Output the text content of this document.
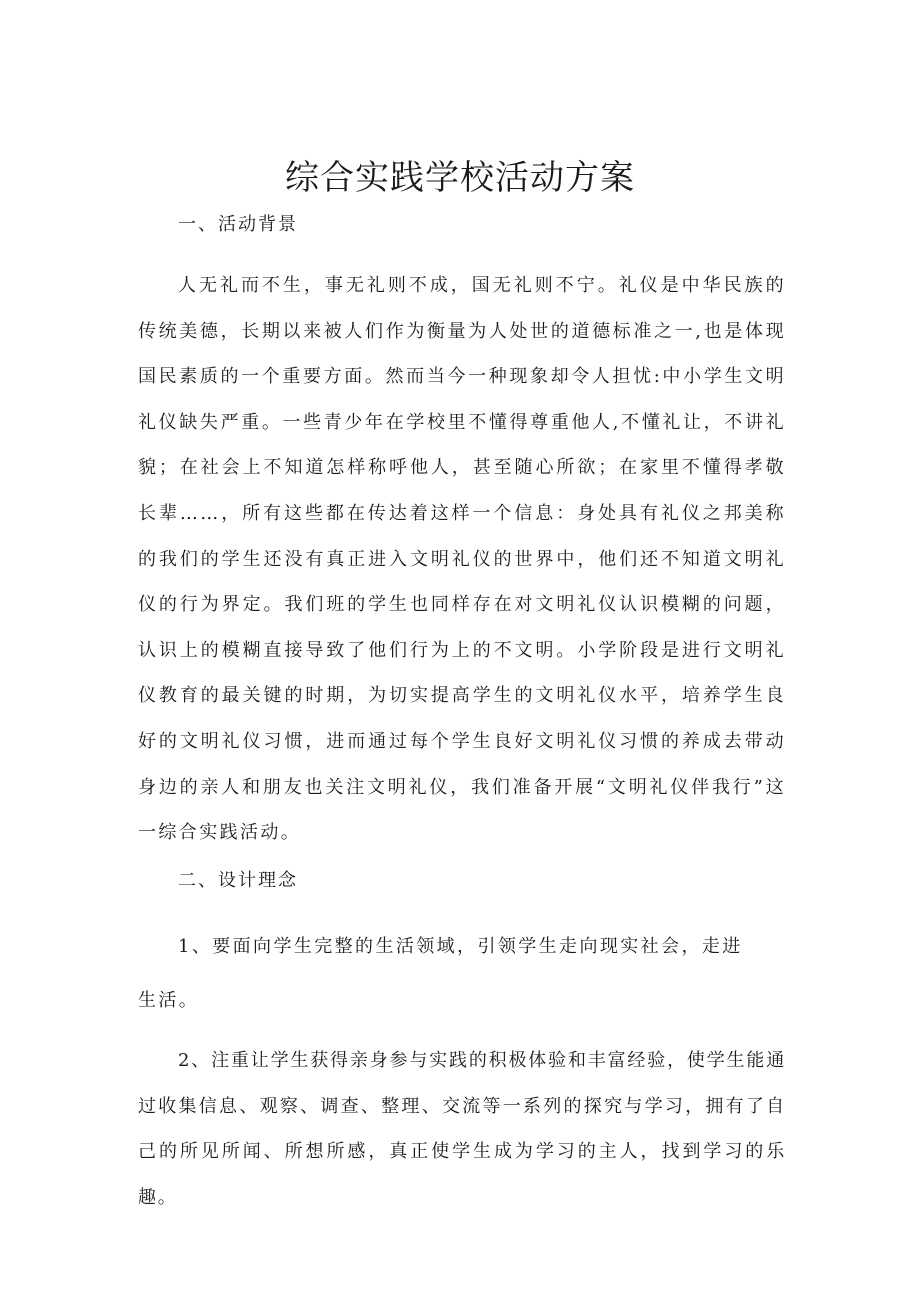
综合实践学校活动方案
一、活动背景
人无礼而不生，事无礼则不成，国无礼则不宁。礼仪是中华民族的传统美德，长期以来被人们作为衡量为人处世的道德标准之一,也是体现国民素质的一个重要方面。然而当今一种现象却令人担忧:中小学生文明礼仪缺失严重。一些青少年在学校里不懂得尊重他人,不懂礼让，不讲礼貌；在社会上不知道怎样称呼他人，甚至随心所欲；在家里不懂得孝敬长辈……，所有这些都在传达着这样一个信息：身处具有礼仪之邦美称的我们的学生还没有真正进入文明礼仪的世界中，他们还不知道文明礼仪的行为界定。我们班的学生也同样存在对文明礼仪认识模糊的问题，认识上的模糊直接导致了他们行为上的不文明。小学阶段是进行文明礼仪教育的最关键的时期，为切实提高学生的文明礼仪水平，培养学生良好的文明礼仪习惯，进而通过每个学生良好文明礼仪习惯的养成去带动身边的亲人和朋友也关注文明礼仪，我们准备开展“文明礼仪伴我行”这一综合实践活动。
二、设计理念
1、要面向学生完整的生活领域，引领学生走向现实社会，走进
生活。
2、注重让学生获得亲身参与实践的积极体验和丰富经验，使学生能通过收集信息、观察、调查、整理、交流等一系列的探究与学习，拥有了自己的所见所闻、所想所感，真正使学生成为学习的主人，找到学习的乐趣。
